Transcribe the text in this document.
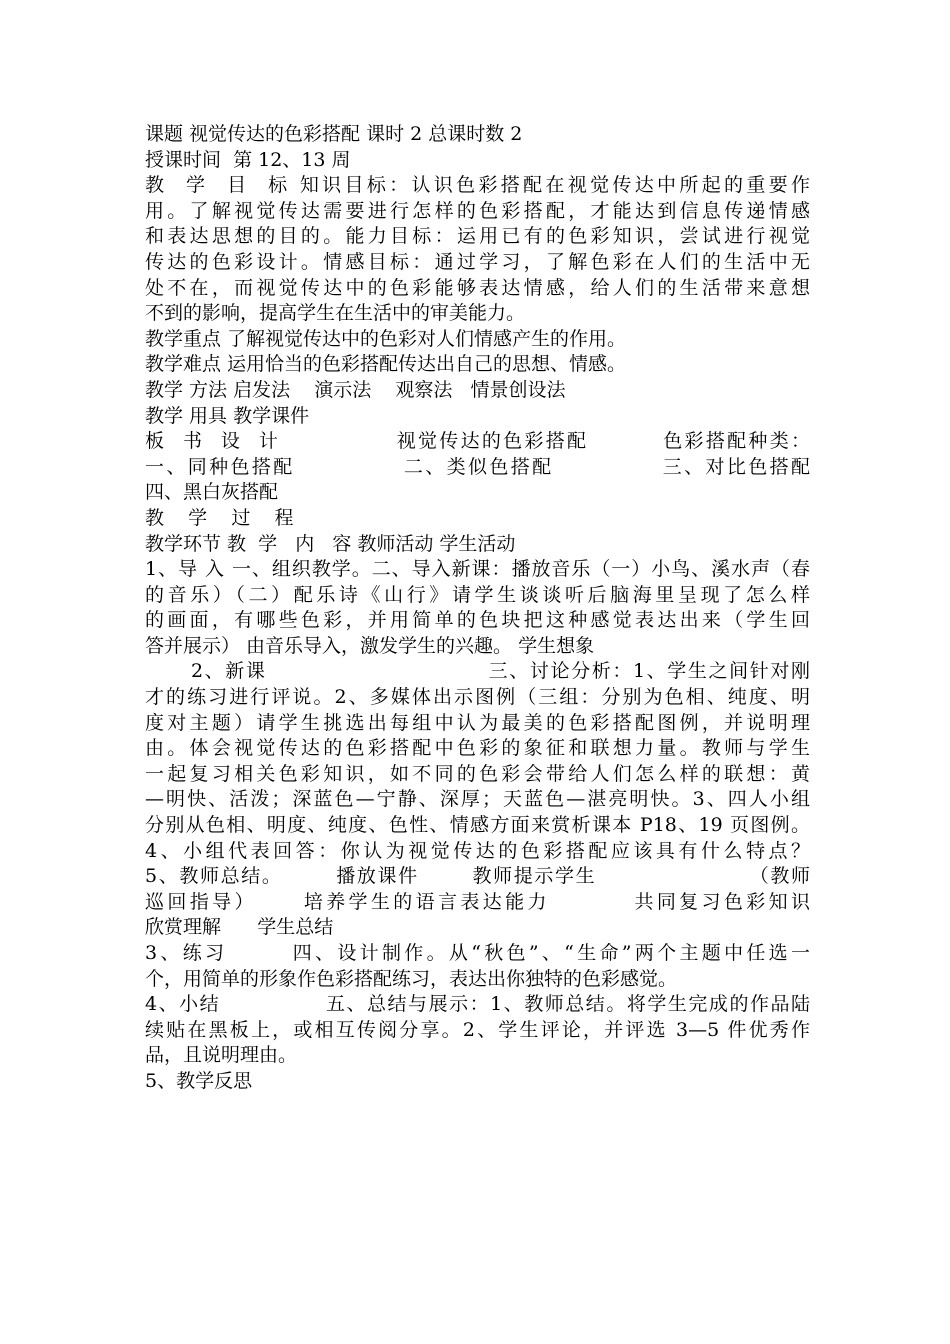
课题 视觉传达的色彩搭配 课时 2 总课时数 2
授课时间  第 12、13 周
教  学  目  标 知识目标：认识色彩搭配在视觉传达中所起的重要作
用。了解视觉传达需要进行怎样的色彩搭配，才能达到信息传递情感
和表达思想的目的。能力目标：运用已有的色彩知识，尝试进行视觉
传达的色彩设计。情感目标：通过学习，了解色彩在人们的生活中无
处不在，而视觉传达中的色彩能够表达情感，给人们的生活带来意想
不到的影响，提高学生在生活中的审美能力。
教学重点 了解视觉传达中的色彩对人们情感产生的作用。
教学难点 运用恰当的色彩搭配传达出自己的思想、情感。
教学 方法 启发法    演示法    观察法   情景创设法
教学 用具 教学课件
板  书  设  计              视觉传达的色彩搭配         色彩搭配种类：
一、同种色搭配             二、类似色搭配             三、对比色搭配
四、黑白灰搭配
教    学    过    程
教学环节 教  学   内   容 教师活动 学生活动
1、导 入 一、组织教学。二、导入新课：播放音乐（一）小鸟、溪水声（春
的音乐）（二）配乐诗《山行》请学生谈谈听后脑海里呈现了怎么样
的画面，有哪些色彩，并用简单的色块把这种感觉表达出来（学生回
答并展示） 由音乐导入，激发学生的兴趣。 学生想象
2、新课                             三、讨论分析：1、学生之间针对刚
才的练习进行评说。2、多媒体出示图例（三组：分别为色相、纯度、明
度对主题）请学生挑选出每组中认为最美的色彩搭配图例，并说明理
由。体会视觉传达的色彩搭配中色彩的象征和联想力量。教师与学生
一起复习相关色彩知识，如不同的色彩会带给人们怎么样的联想：黄
—明快、活泼；深蓝色—宁静、深厚；天蓝色—湛亮明快。3、四人小组
分别从色相、明度、纯度、色性、情感方面来赏析课本 P18、19 页图例。
4、小组代表回答：你认为视觉传达的色彩搭配应该具有什么特点？
5、教师总结。       播放课件       教师提示学生                    （教师
巡回指导）     培养学生的语言表达能力         共同复习色彩知识
欣赏理解      学生总结
3、练习       四、设计制作。从“秋色”、“生命”两个主题中任选一
个，用简单的形象作色彩搭配练习，表达出你独特的色彩感觉。
4、小结              五、总结与展示：1、教师总结。将学生完成的作品陆
续贴在黑板上，或相互传阅分享。2、学生评论，并评选 3—5 件优秀作
品，且说明理由。
5、教学反思
